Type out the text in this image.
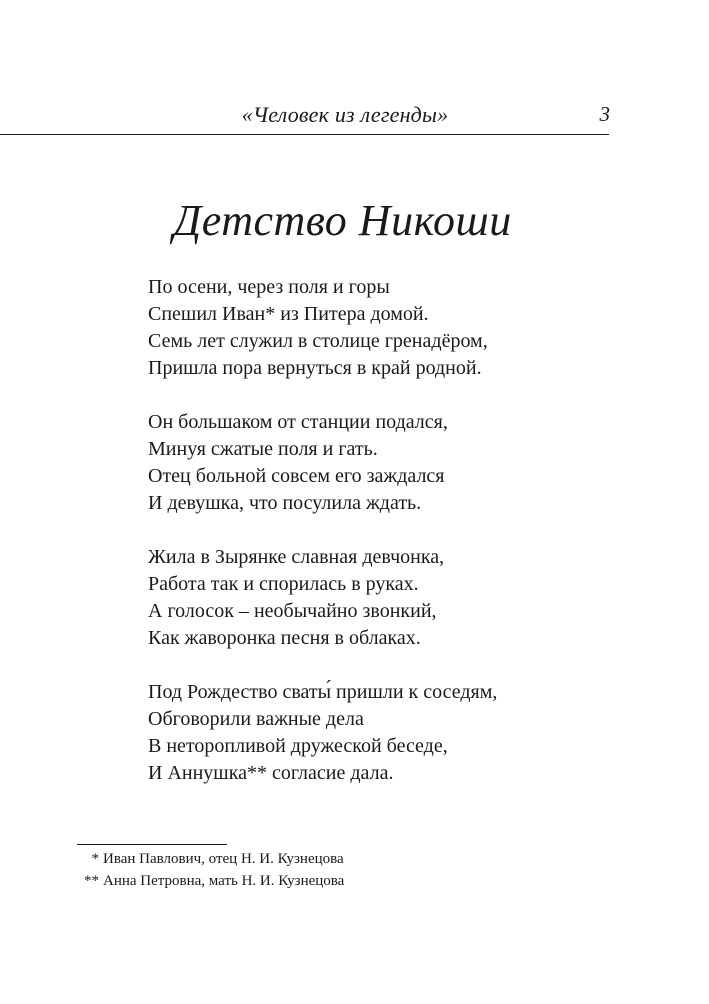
«Человек из легенды»	3
Детство Никоши
По осени, через поля и горы
Спешил Иван* из Питера домой.
Семь лет служил в столице гренадёром,
Пришла пора вернуться в край родной.
Он большаком от станции подался,
Минуя сжатые поля и гать.
Отец больной совсем его заждался
И девушка, что посулила ждать.
Жила в Зырянке славная девчонка,
Работа так и спорилась в руках.
А голосок – необычайно звонкий,
Как жаворонка песня в облаках.
Под Рождество сваты́ пришли к соседям,
Обговорили важные дела
В неторопливой дружеской беседе,
И Аннушка** согласие дала.
* Иван Павлович, отец Н. И. Кузнецова
** Анна Петровна, мать Н. И. Кузнецова
